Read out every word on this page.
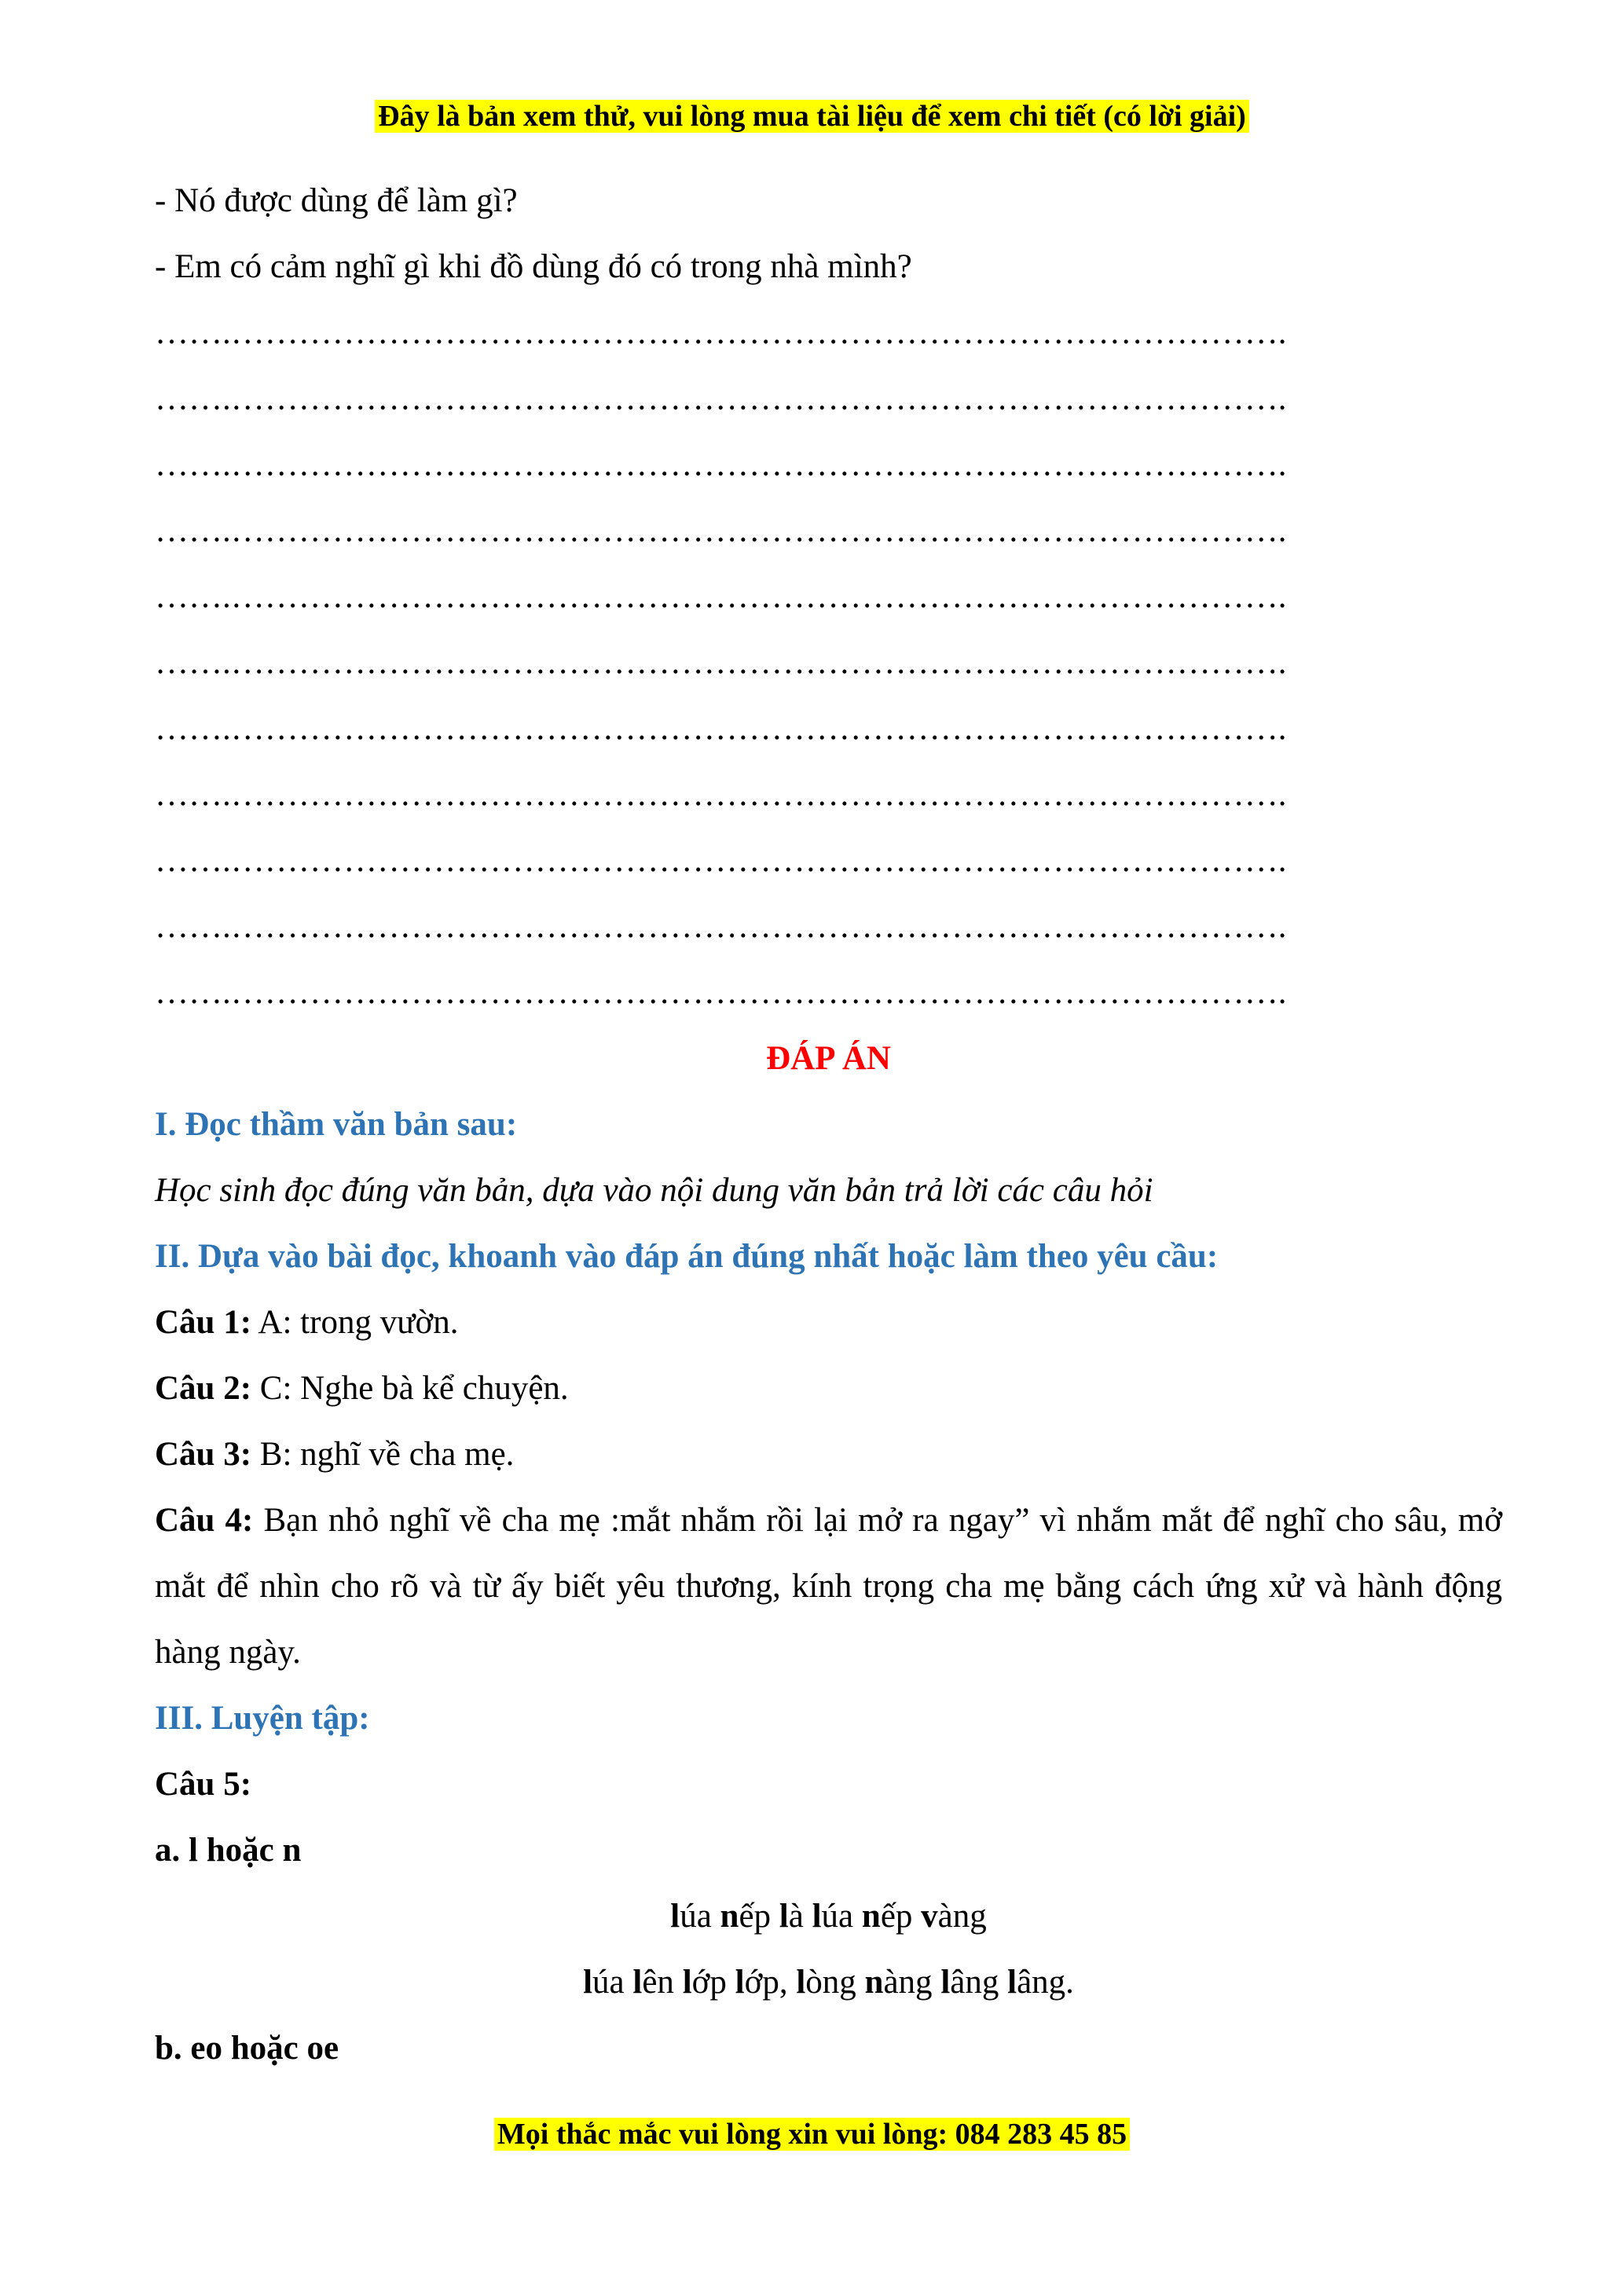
Đây là bản xem thử, vui lòng mua tài liệu để xem chi tiết (có lời giải)
- Nó được dùng để làm gì?
- Em có cảm nghĩ gì khi đồ dùng đó có trong nhà mình?
…….………………………………………………………………………………….
…….………………………………………………………………………………….
…….………………………………………………………………………………….
…….………………………………………………………………………………….
…….………………………………………………………………………………….
…….………………………………………………………………………………….
…….………………………………………………………………………………….
…….………………………………………………………………………………….
…….………………………………………………………………………………….
…….………………………………………………………………………………….
…….………………………………………………………………………………….
ĐÁP ÁN
I. Đọc thầm văn bản sau:
Học sinh đọc đúng văn bản, dựa vào nội dung văn bản trả lời các câu hỏi
II. Dựa vào bài đọc, khoanh vào đáp án đúng nhất hoặc làm theo yêu cầu:
Câu 1: A: trong vườn.
Câu 2: C: Nghe bà kể chuyện.
Câu 3: B: nghĩ về cha mẹ.
Câu 4: Bạn nhỏ nghĩ về cha mẹ :mắt nhắm rồi lại mở ra ngay” vì nhắm mắt để nghĩ cho sâu, mở mắt để nhìn cho rõ và từ ấy biết yêu thương, kính trọng cha mẹ bằng cách ứng xử và hành động hàng ngày.
III. Luyện tập:
Câu 5:
a. l hoặc n
lúa nếp là lúa nếp vàng
lúa lên lớp lớp, lòng nàng lâng lâng.
b. eo hoặc oe
Mọi thắc mắc vui lòng xin vui lòng: 084 283 45 85
